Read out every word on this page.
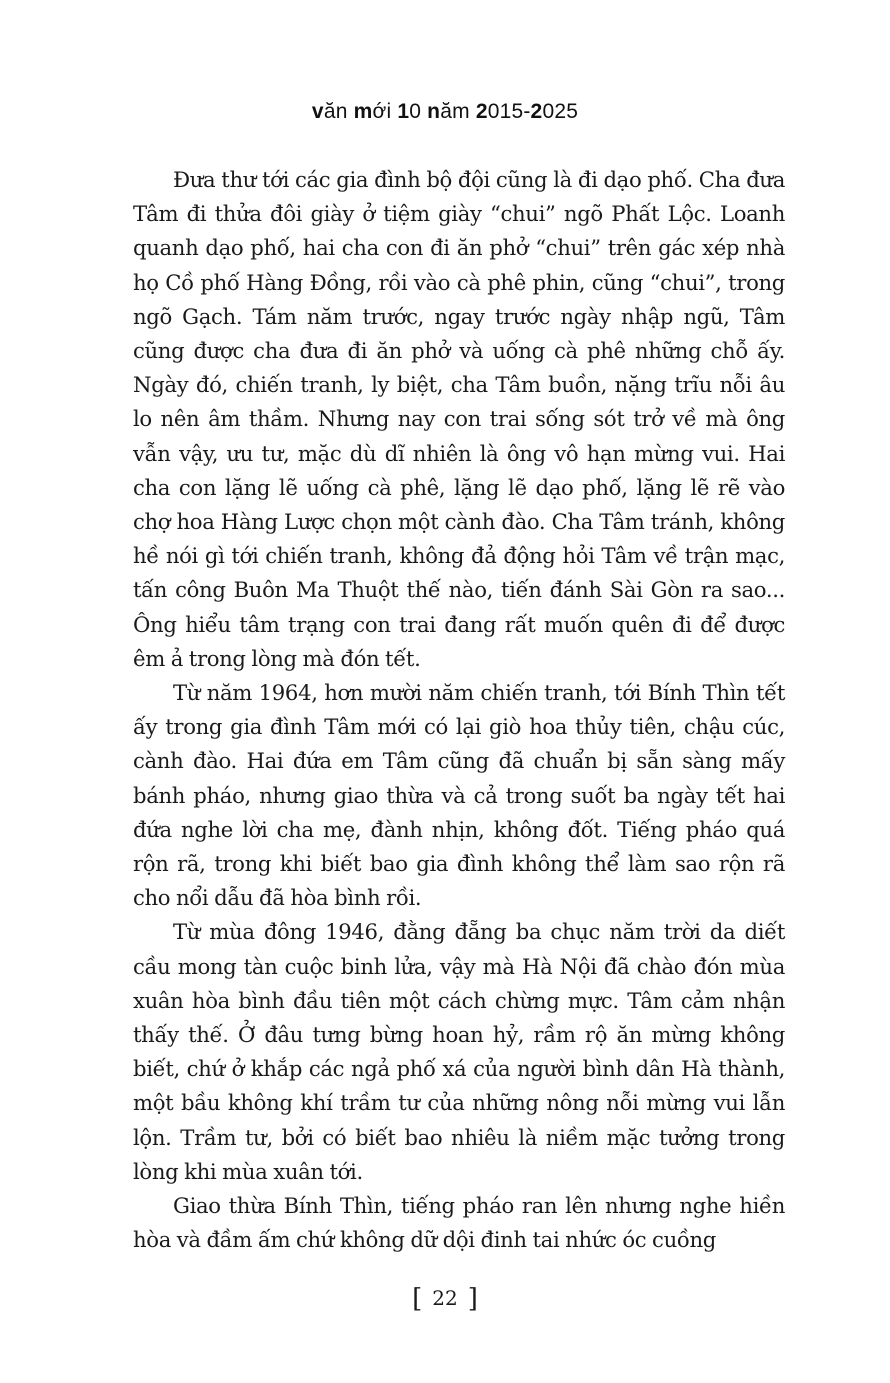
văn mới 10 năm 2015-2025

Đưa thư tới các gia đình bộ đội cũng là đi dạo phố. Cha đưa Tâm đi thửa đôi giày ở tiệm giày “chui” ngõ Phất Lộc. Loanh quanh dạo phố, hai cha con đi ăn phở “chui” trên gác xép nhà họ Cồ phố Hàng Đồng, rồi vào cà phê phin, cũng “chui”, trong ngõ Gạch. Tám năm trước, ngay trước ngày nhập ngũ, Tâm cũng được cha đưa đi ăn phở và uống cà phê những chỗ ấy. Ngày đó, chiến tranh, ly biệt, cha Tâm buồn, nặng trĩu nỗi âu lo nên âm thầm. Nhưng nay con trai sống sót trở về mà ông vẫn vậy, ưu tư, mặc dù dĩ nhiên là ông vô hạn mừng vui. Hai cha con lặng lẽ uống cà phê, lặng lẽ dạo phố, lặng lẽ rẽ vào chợ hoa Hàng Lược chọn một cành đào. Cha Tâm tránh, không hề nói gì tới chiến tranh, không đả động hỏi Tâm về trận mạc, tấn công Buôn Ma Thuột thế nào, tiến đánh Sài Gòn ra sao... Ông hiểu tâm trạng con trai đang rất muốn quên đi để được êm ả trong lòng mà đón tết.

Từ năm 1964, hơn mười năm chiến tranh, tới Bính Thìn tết ấy trong gia đình Tâm mới có lại giò hoa thủy tiên, chậu cúc, cành đào. Hai đứa em Tâm cũng đã chuẩn bị sẵn sàng mấy bánh pháo, nhưng giao thừa và cả trong suốt ba ngày tết hai đứa nghe lời cha mẹ, đành nhịn, không đốt. Tiếng pháo quá rộn rã, trong khi biết bao gia đình không thể làm sao rộn rã cho nổi dẫu đã hòa bình rồi.

Từ mùa đông 1946, đằng đẵng ba chục năm trời da diết cầu mong tàn cuộc binh lửa, vậy mà Hà Nội đã chào đón mùa xuân hòa bình đầu tiên một cách chừng mực. Tâm cảm nhận thấy thế. Ở đâu tưng bừng hoan hỷ, rầm rộ ăn mừng không biết, chứ ở khắp các ngả phố xá của người bình dân Hà thành, một bầu không khí trầm tư của những nông nỗi mừng vui lẫn lộn. Trầm tư, bởi có biết bao nhiêu là niềm mặc tưởng trong lòng khi mùa xuân tới.

Giao thừa Bính Thìn, tiếng pháo ran lên nhưng nghe hiền hòa và đầm ấm chứ không dữ dội đinh tai nhức óc cuồng

[ 22 ]
